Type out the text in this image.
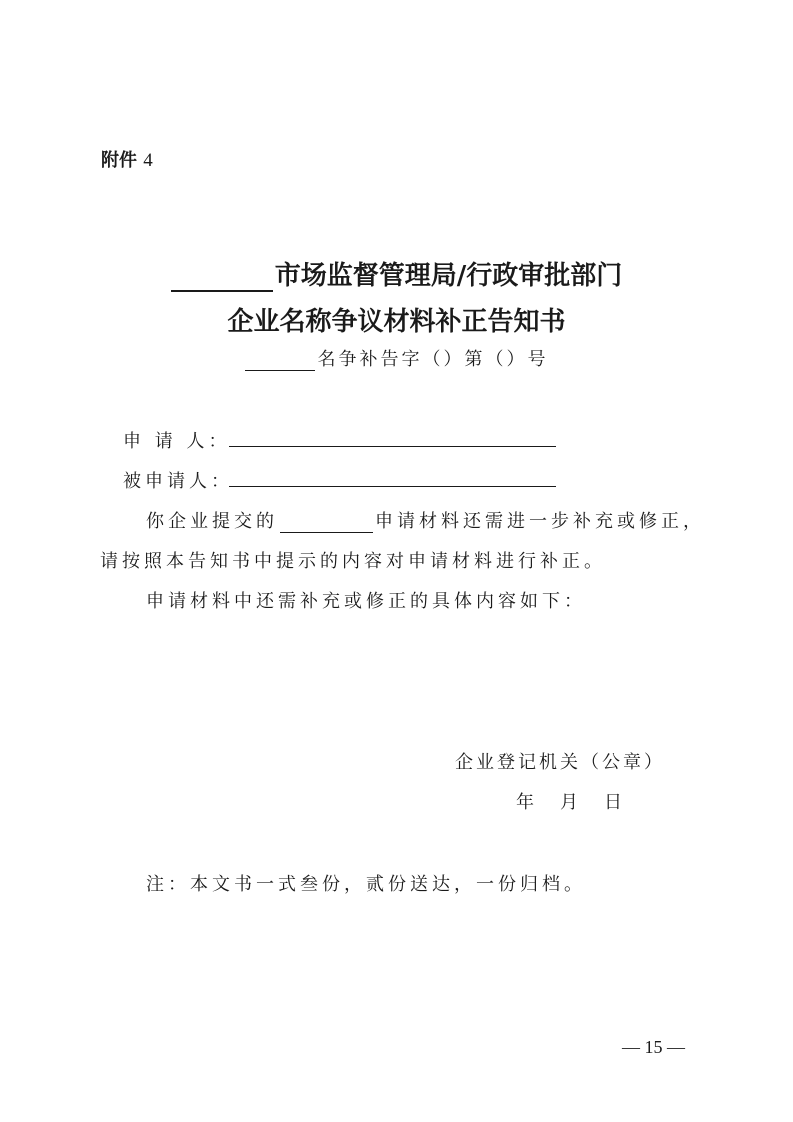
附件 4
市场监督管理局/行政审批部门
企业名称争议材料补正告知书
名争补告字（）第（）号
申 请 人：
被申请人：
你企业提交的	申请材料还需进一步补充或修正，
请按照本告知书中提示的内容对申请材料进行补正。
申请材料中还需补充或修正的具体内容如下：
企业登记机关（公章）
年 月 日
注：本文书一式叁份，贰份送达，一份归档。
— 15 —
